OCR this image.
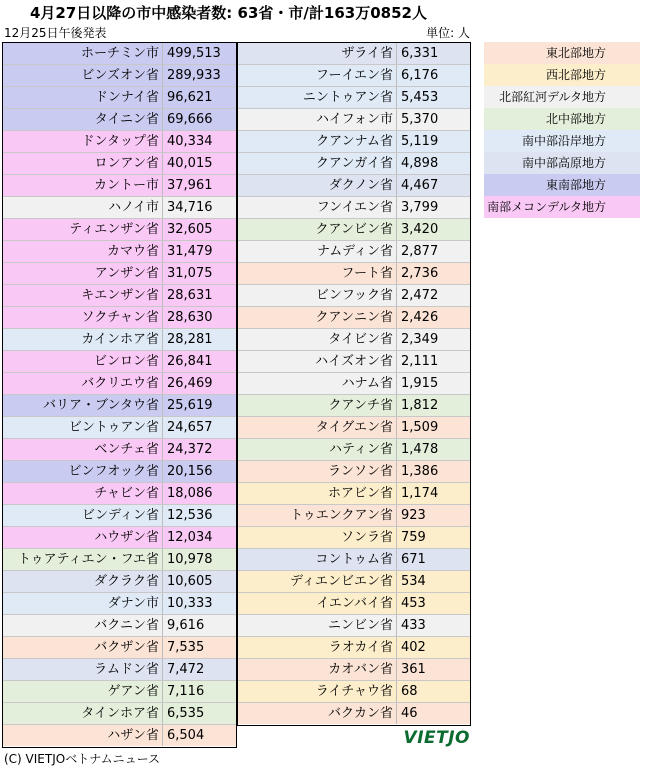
4月27日以降の市中感染者数: 63省・市/計163万0852人
12月25日午後発表	単位: 人
ホーチミン市 499,513
ビンズオン省 289,933
ドンナイ省 96,621
タイニン省 69,666
ドンタップ省 40,334
ロンアン省 40,015
カントー市 37,961
ハノイ市 34,716
ティエンザン省 32,605
カマウ省 31,479
アンザン省 31,075
キエンザン省 28,631
ソクチャン省 28,630
カインホア省 28,281
ビンロン省 26,841
バクリエウ省 26,469
バリア・ブンタウ省 25,619
ビントゥアン省 24,657
ベンチェ省 24,372
ビンフオック省 20,156
チャビン省 18,086
ビンディン省 12,536
ハウザン省 12,034
トゥアティエン・フエ省 10,978
ダクラク省 10,605
ダナン市 10,333
バクニン省 9,616
バクザン省 7,535
ラムドン省 7,472
ゲアン省 7,116
タインホア省 6,535
ハザン省 6,504
ザライ省 6,331
フーイエン省 6,176
ニントゥアン省 5,453
ハイフォン市 5,370
クアンナム省 5,119
クアンガイ省 4,898
ダクノン省 4,467
フンイエン省 3,799
クアンビン省 3,420
ナムディン省 2,877
フート省 2,736
ビンフック省 2,472
クアンニン省 2,426
タイビン省 2,349
ハイズオン省 2,111
ハナム省 1,915
クアンチ省 1,812
タイグエン省 1,509
ハティン省 1,478
ランソン省 1,386
ホアビン省 1,174
トゥエンクアン省 923
ソンラ省 759
コントゥム省 671
ディエンビエン省 534
イエンバイ省 453
ニンビン省 433
ラオカイ省 402
カオバン省 361
ライチャウ省 68
バクカン省 46
東北部地方
西北部地方
北部紅河デルタ地方
北中部地方
南中部沿岸地方
南中部高原地方
東南部地方
南部メコンデルタ地方
VIETJO
(C) VIETJOベトナムニュース
